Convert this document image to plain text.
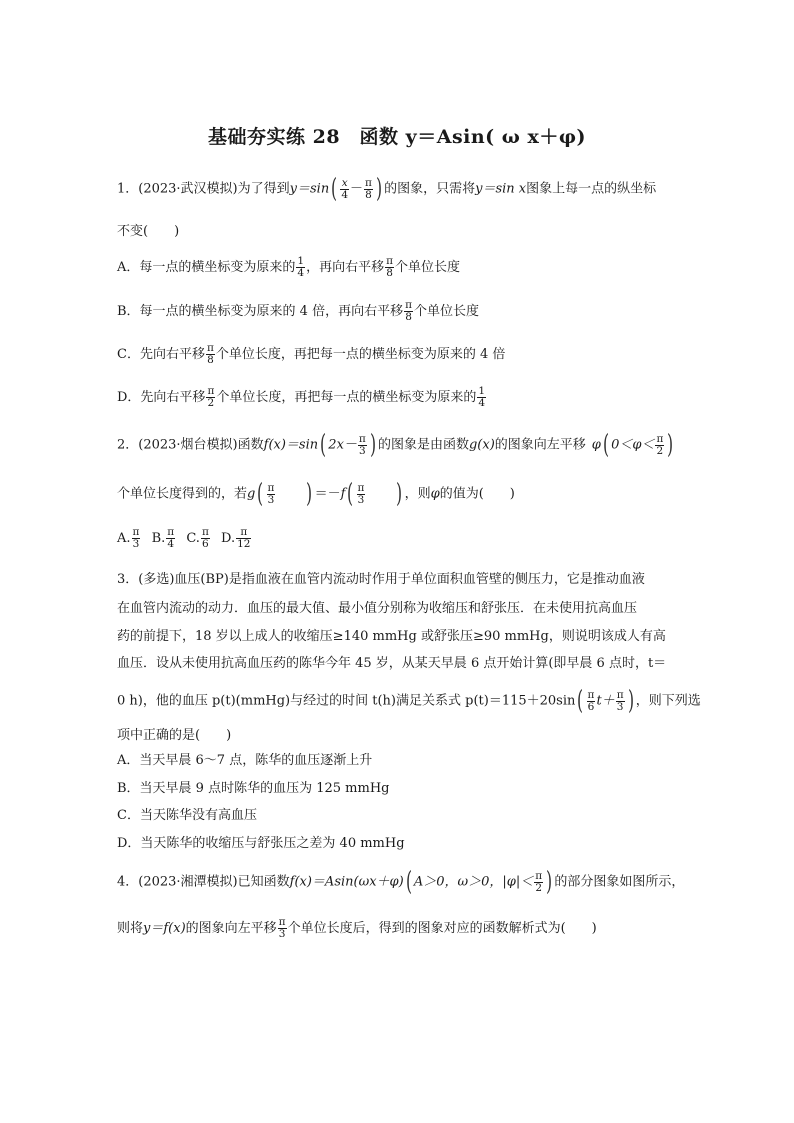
基础夯实练 28　函数 y＝Asin( ω x＋φ)
1．(2023·武汉模拟)为了得到$y=\sin( \frac{x}{4} - \frac{\pi}{8}$ ) 的图象，只需将y＝sin x图象上每一点的纵坐标
不变(　　)
A．每一点的横坐标变为原来的 $\frac{1}{4}$ ，再向右平移 $\frac{\pi}{8}$ 个单位长度
B．每一点的横坐标变为原来的 4 倍，再向右平移 $\frac{\pi}{8}$ 个单位长度
C．先向右平移 $\frac{\pi}{8}$ 个单位长度，再把每一点的横坐标变为原来的 4 倍
D．先向右平移 $\frac{\pi}{2}$ 个单位长度，再把每一点的横坐标变为原来的 $\frac{1}{4}$
2．(2023·烟台模拟)函数f(x)＝sin( $2x- \frac{\pi}{3}$ ) 的图象是由函数g(x)的图象向左平移 φ( $0<\varphi< \frac{\pi}{2}$ )
个单位长度得到的，若$g( \frac{\pi}{3}$ ) $=-f( \frac{\pi}{3}$ ) ，则φ的值为(　　)
A. $\frac{\pi}{3} B$. $\frac{\pi}{4} C$. $\frac{\pi}{6} D$. $\frac{\pi}{12}$
3．(多选)血压(BP)是指血液在血管内流动时作用于单位面积血管壁的侧压力，它是推动血液
在血管内流动的动力．血压的最大值、最小值分别称为收缩压和舒张压．在未使用抗高血压
药的前提下，18 岁以上成人的收缩压≥140 mmHg 或舒张压≥90 mmHg，则说明该成人有高
血压．设从未使用抗高血压药的陈华今年 45 岁，从某天早晨 6 点开始计算(即早晨 6 点时，t＝
0 h)，他的血压 p(t)(mmHg)与经过的时间 t(h)满足关系式 $p(t)=115+20\sin( \frac{\pi}{6} t+ \frac{\pi}{3}$ ) ，则下列选
项中正确的是(　　)
A．当天早晨 6～7 点，陈华的血压逐渐上升
B．当天早晨 9 点时陈华的血压为 125 mmHg
C．当天陈华没有高血压
D．当天陈华的收缩压与舒张压之差为 40 mmHg
4．(2023·湘潭模拟)已知函数f(x)＝Asin(ωx＋φ)( A＞0，ω＞0，$|\varphi|< \frac{\pi}{2}$ ) 的部分图象如图所示，
则将y＝f(x)的图象向左平移 $\frac{\pi}{3}$ 个单位长度后，得到的图象对应的函数解析式为(　　)
